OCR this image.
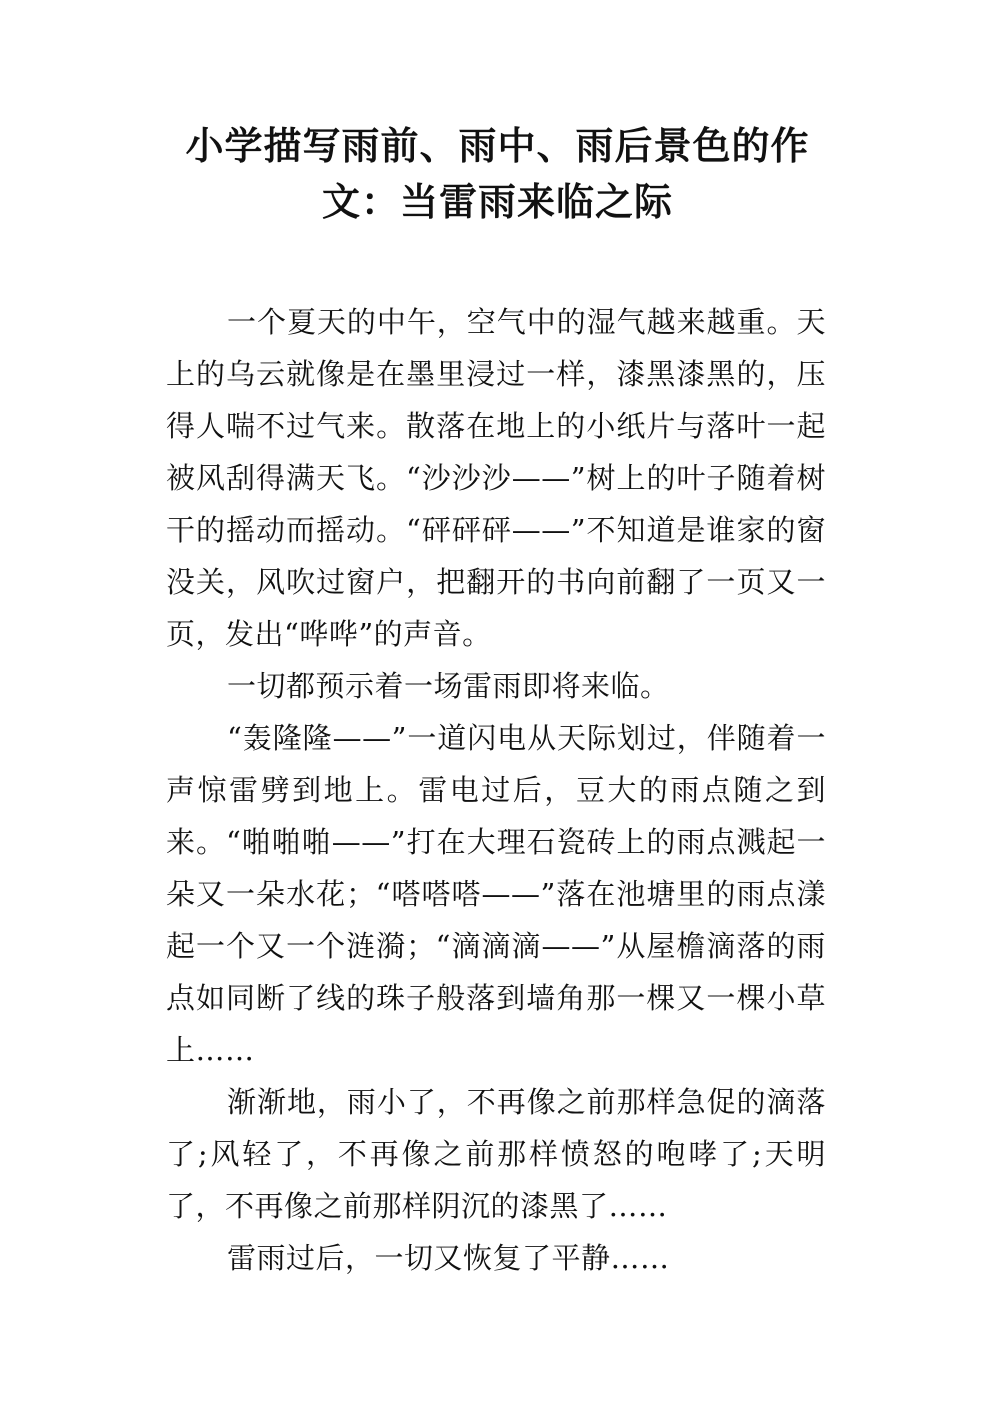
小学描写雨前、雨中、雨后景色的作文：当雷雨来临之际

一个夏天的中午，空气中的湿气越来越重。天上的乌云就像是在墨里浸过一样，漆黑漆黑的，压得人喘不过气来。散落在地上的小纸片与落叶一起被风刮得满天飞。“沙沙沙——”树上的叶子随着树干的摇动而摇动。“砰砰砰——”不知道是谁家的窗没关，风吹过窗户，把翻开的书向前翻了一页又一页，发出“哗哗”的声音。

一切都预示着一场雷雨即将来临。

“轰隆隆——”一道闪电从天际划过，伴随着一声惊雷劈到地上。雷电过后，豆大的雨点随之到来。“啪啪啪——”打在大理石瓷砖上的雨点溅起一朵又一朵水花；“嗒嗒嗒——”落在池塘里的雨点漾起一个又一个涟漪；“滴滴滴——”从屋檐滴落的雨点如同断了线的珠子般落到墙角那一棵又一棵小草上……

渐渐地，雨小了，不再像之前那样急促的滴落了;风轻了，不再像之前那样愤怒的咆哮了;天明了，不再像之前那样阴沉的漆黑了……

雷雨过后，一切又恢复了平静……
